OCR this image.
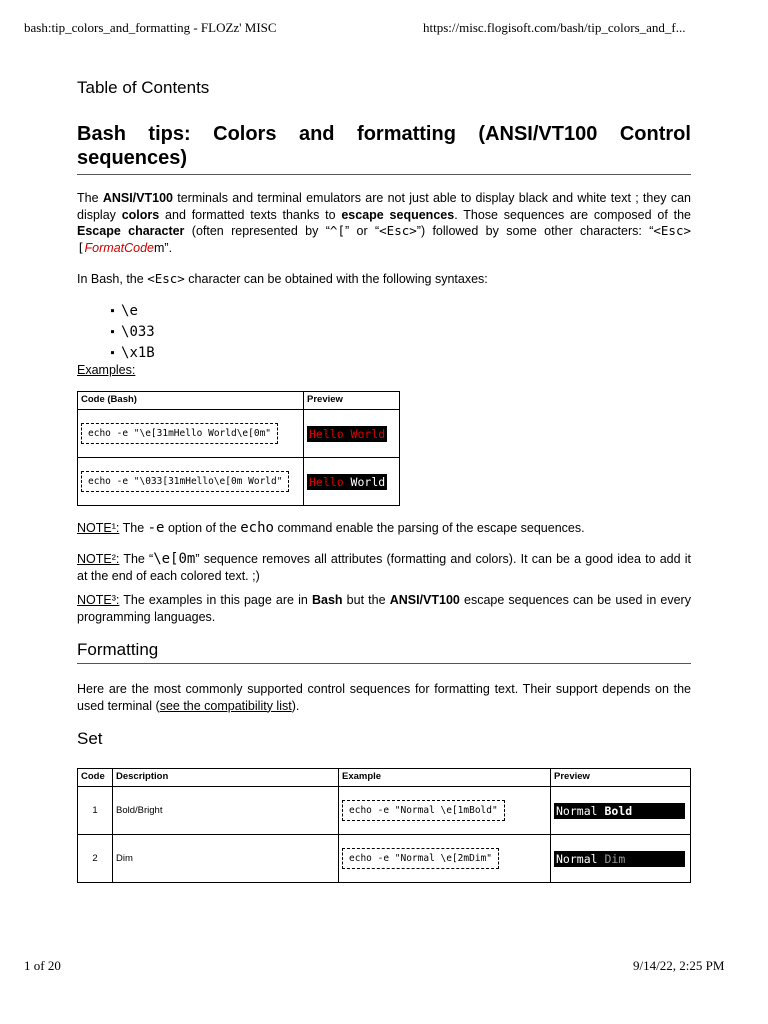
bash:tip_colors_and_formatting - FLOZz' MISC	https://misc.flogisoft.com/bash/tip_colors_and_f...
Table of Contents
Bash tips: Colors and formatting (ANSI/VT100 Control
sequences)

The ANSI/VT100 terminals and terminal emulators are not just able to display black and white text ; they can display colors and formatted texts thanks to escape sequences. Those sequences are composed of the Escape character (often represented by “^[” or “<Esc>”) followed by some other characters: “<Esc>[FormatCodem”.

In Bash, the <Esc> character can be obtained with the following syntaxes:

■ \e
■ \033
■ \x1B
Examples:
Code (Bash)	Preview
echo -e "\e[31mHello World\e[0m"	Hello World
echo -e "\033[31mHello\e[0m World"	Hello World

NOTE¹: The -e option of the echo command enable the parsing of the escape sequences.

NOTE²: The “\e[0m” sequence removes all attributes (formatting and colors). It can be a good idea to add it at the end of each colored text. ;)

NOTE³: The examples in this page are in Bash but the ANSI/VT100 escape sequences can be used in every programming languages.

Formatting

Here are the most commonly supported control sequences for formatting text. Their support depends on the used terminal (see the compatibility list).

Set
Code	Description	Example	Preview
1	Bold/Bright	echo -e "Normal \e[1mBold"	Normal Bold
2	Dim	echo -e "Normal \e[2mDim"	Normal Dim
1 of 20	9/14/22, 2:25 PM
